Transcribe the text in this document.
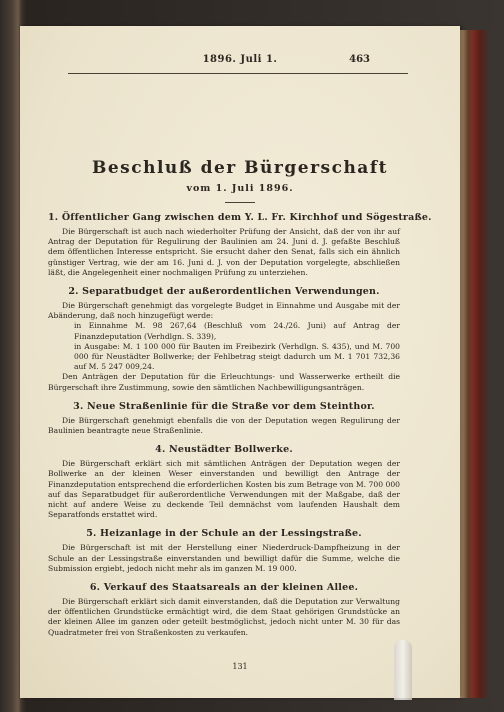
1896. Juli 1.	463
Beschluß der Bürgerschaft
vom 1. Juli 1896.
1. Öffentlicher Gang zwischen dem Y. L. Fr. Kirchhof und Sögestraße.

Die Bürgerschaft ist auch nach wiederholter Prüfung der Ansicht, daß der von ihr auf Antrag der Deputation für Regulirung der Baulinien am 24. Juni d. J. gefaßte Beschluß dem öffentlichen Interesse entspricht. Sie ersucht daher den Senat, falls sich ein ähnlich günstiger Vertrag, wie der am 16. Juni d. J. von der Deputation vorgelegte, abschließen läßt, die Angelegenheit einer nochmaligen Prüfung zu unterziehen.

2. Separatbudget der außerordentlichen Verwendungen.

Die Bürgerschaft genehmigt das vorgelegte Budget in Einnahme und Ausgabe mit der Abänderung, daß noch hinzugefügt werde:

in Einnahme M. 98 267,64 (Beschluß vom 24./26. Juni) auf Antrag der Finanzdeputation (Verhdlgn. S. 339),
in Ausgabe: M. 1 100 000 für Bauten im Freibezirk (Verhdlgn. S. 435), und M. 700 000 für Neustädter Bollwerke; der Fehlbetrag steigt dadurch um M. 1 701 732,36 auf M. 5 247 009,24.

Den Anträgen der Deputation für die Erleuchtungs- und Wasserwerke ertheilt die Bürgerschaft ihre Zustimmung, sowie den sämtlichen Nachbewilligungsanträgen.

3. Neue Straßenlinie für die Straße vor dem Steinthor.

Die Bürgerschaft genehmigt ebenfalls die von der Deputation wegen Regulirung der Baulinien beantragte neue Straßenlinie.

4. Neustädter Bollwerke.

Die Bürgerschaft erklärt sich mit sämtlichen Anträgen der Deputation wegen der Bollwerke an der kleinen Weser einverstanden und bewilligt den Antrage der Finanzdeputation entsprechend die erforderlichen Kosten bis zum Betrage von M. 700 000 auf das Separatbudget für außerordentliche Verwendungen mit der Maßgabe, daß der nicht auf andere Weise zu deckende Teil demnächst vom laufenden Haushalt dem Separatfonds erstattet wird.

5. Heizanlage in der Schule an der Lessingstraße.

Die Bürgerschaft ist mit der Herstellung einer Niederdruck-Dampfheizung in der Schule an der Lessingstraße einverstanden und bewilligt dafür die Summe, welche die Submission ergiebt, jedoch nicht mehr als im ganzen M. 19 000.

6. Verkauf des Staatsareals an der kleinen Allee.

Die Bürgerschaft erklärt sich damit einverstanden, daß die Deputation zur Verwaltung der öffentlichen Grundstücke ermächtigt wird, die dem Staat gehörigen Grundstücke an der kleinen Allee im ganzen oder geteilt bestmöglichst, jedoch nicht unter M. 30 für das Quadratmeter frei von Straßenkosten zu verkaufen.

131
